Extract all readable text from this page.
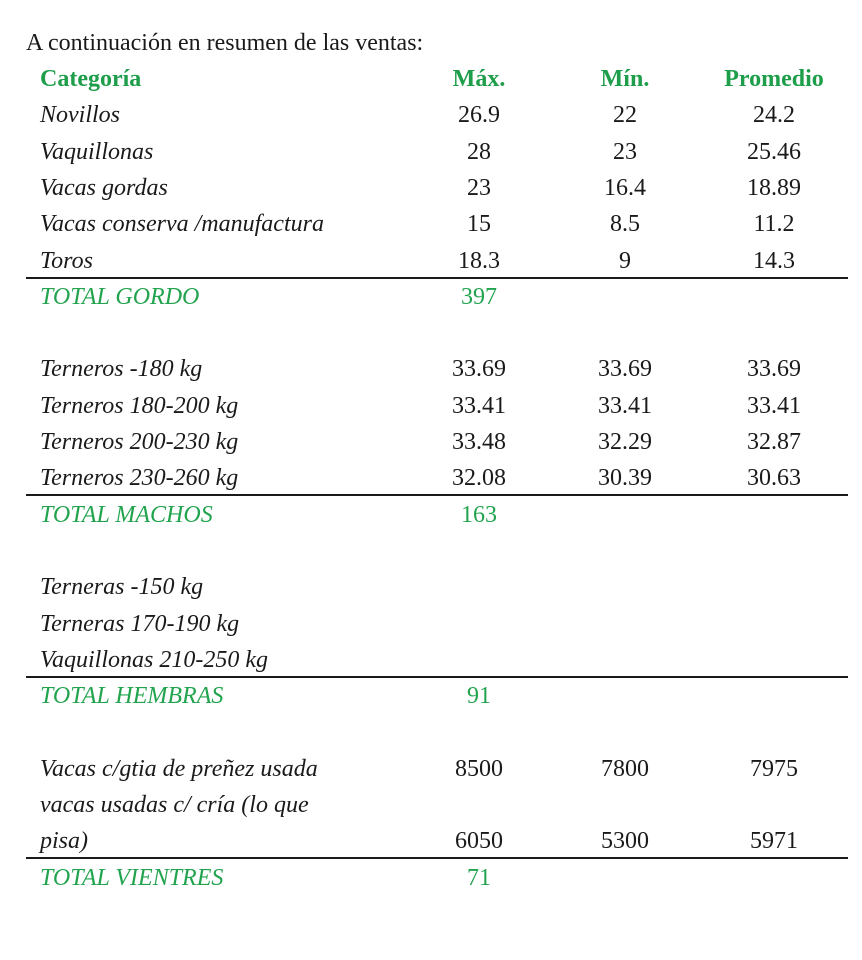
A continuación en resumen de las ventas:
Categoría	Máx.	Mín.	Promedio
Novillos	26.9	22	24.2
Vaquillonas	28	23	25.46
Vacas gordas	23	16.4	18.89
Vacas conserva /manufactura	15	8.5	11.2
Toros	18.3	9	14.3
TOTAL GORDO	397
Terneros -180 kg	33.69	33.69	33.69
Terneros 180-200 kg	33.41	33.41	33.41
Terneros 200-230 kg	33.48	32.29	32.87
Terneros 230-260 kg	32.08	30.39	30.63
TOTAL MACHOS	163
Terneras -150 kg
Terneras 170-190 kg
Vaquillonas 210-250 kg
TOTAL HEMBRAS	91
Vacas c/gtia de preñez usada	8500	7800	7975
vacas usadas c/ cría (lo que
pisa)	6050	5300	5971
TOTAL VIENTRES	71
